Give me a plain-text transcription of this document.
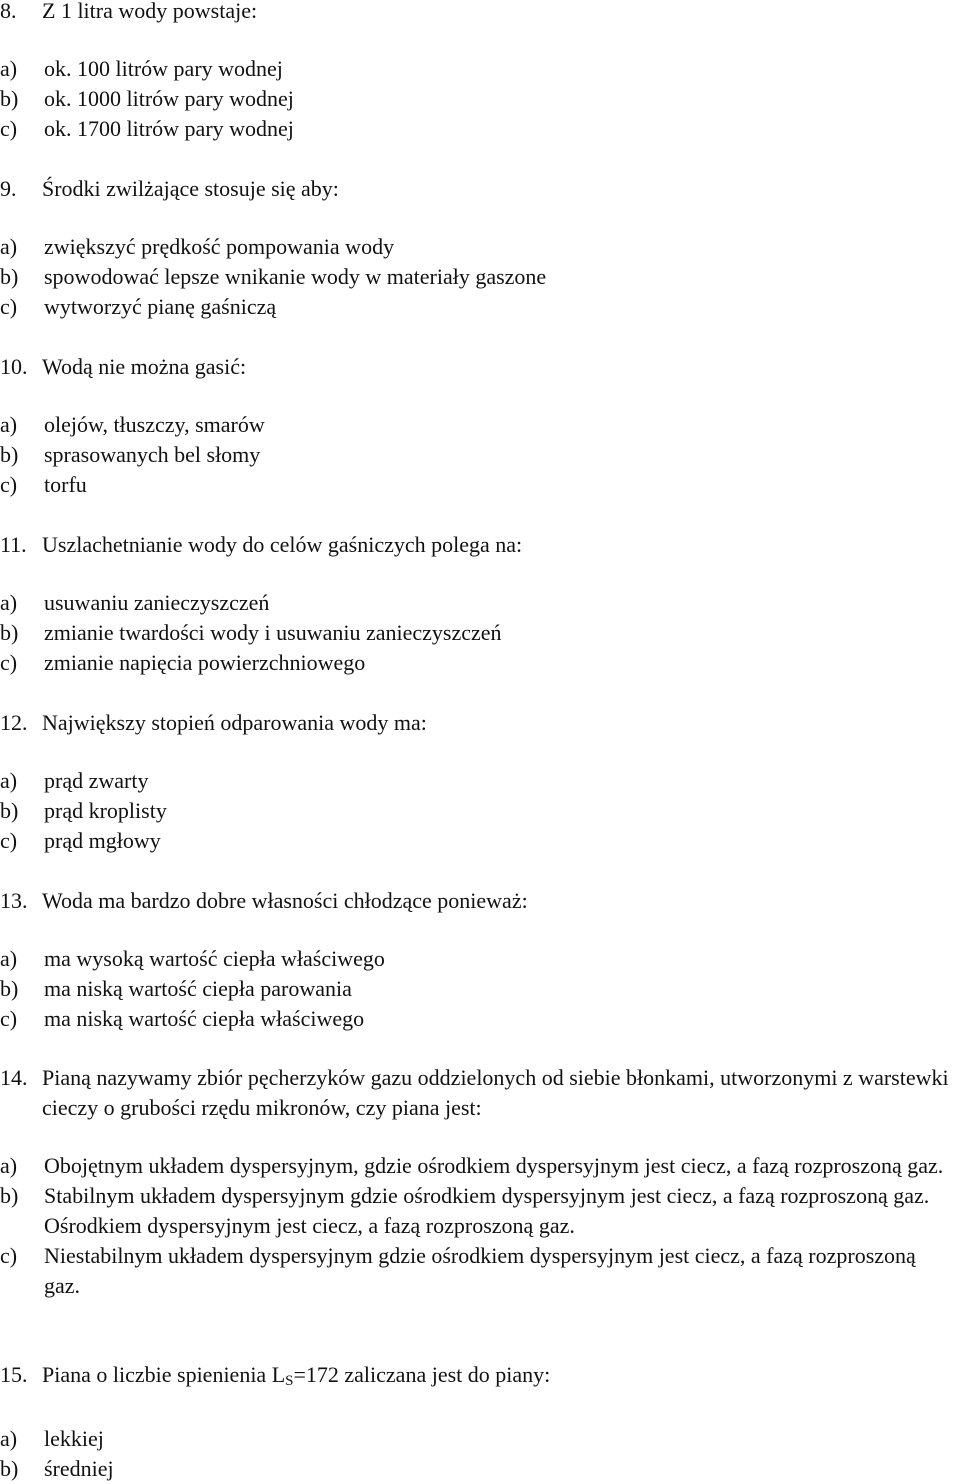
8.	Z 1 litra wody powstaje:
a)	ok. 100 litrów pary wodnej
b)	ok. 1000 litrów pary wodnej
c)	ok. 1700 litrów pary wodnej
9.	Środki zwilżające stosuje się aby:
a)	zwiększyć prędkość pompowania wody
b)	spowodować lepsze wnikanie wody w materiały gaszone
c)	wytworzyć pianę gaśniczą
10. Wodą nie można gasić:
a)	olejów, tłuszczy, smarów
b)	sprasowanych bel słomy
c)	torfu
11. Uszlachetnianie wody do celów gaśniczych polega na:
a)	usuwaniu zanieczyszczeń
b)	zmianie twardości wody i usuwaniu zanieczyszczeń
c)	zmianie napięcia powierzchniowego
12. Największy stopień odparowania wody ma:
a)	prąd zwarty
b)	prąd kroplisty
c)	prąd mgłowy
13. Woda ma bardzo dobre własności chłodzące ponieważ:
a)	ma wysoką wartość ciepła właściwego
b)	ma niską wartość ciepła parowania
c)	ma niską wartość ciepła właściwego
14. Pianą nazywamy zbiór pęcherzyków gazu oddzielonych od siebie błonkami, utworzonymi z warstewki cieczy o grubości rzędu mikronów, czy piana jest:
a)	Obojętnym układem dyspersyjnym, gdzie ośrodkiem dyspersyjnym jest ciecz, a fazą rozproszoną gaz.
b)	Stabilnym układem dyspersyjnym gdzie ośrodkiem dyspersyjnym jest ciecz, a fazą rozproszoną gaz. Ośrodkiem dyspersyjnym jest ciecz, a fazą rozproszoną gaz.
c)	Niestabilnym układem dyspersyjnym gdzie ośrodkiem dyspersyjnym jest ciecz, a fazą rozproszoną gaz.
15. Piana o liczbie spienienia $L_S=172$ zaliczana jest do piany:
a)	lekkiej
b)	średniej
